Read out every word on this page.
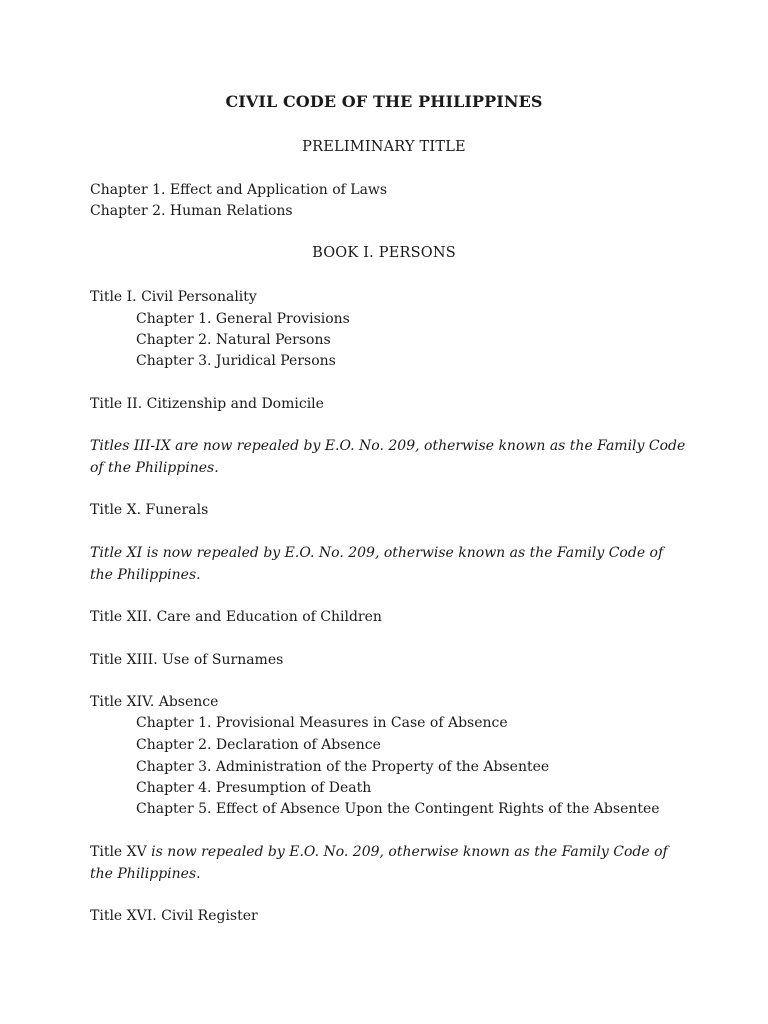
CIVIL CODE OF THE PHILIPPINES
PRELIMINARY TITLE

Chapter 1. Effect and Application of Laws

Chapter 2. Human Relations

BOOK I. PERSONS

Title I. Civil Personality

Chapter 1. General Provisions

Chapter 2. Natural Persons

Chapter 3. Juridical Persons

Title II. Citizenship and Domicile

Titles III-IX are now repealed by E.O. No. 209, otherwise known as the Family Code of the Philippines.

Title X. Funerals

Title XI is now repealed by E.O. No. 209, otherwise known as the Family Code of the Philippines.

Title XII. Care and Education of Children

Title XIII. Use of Surnames

Title XIV. Absence

Chapter 1. Provisional Measures in Case of Absence

Chapter 2. Declaration of Absence

Chapter 3. Administration of the Property of the Absentee

Chapter 4. Presumption of Death

Chapter 5. Effect of Absence Upon the Contingent Rights of the Absentee

Title XV is now repealed by E.O. No. 209, otherwise known as the Family Code of the Philippines.

Title XVI. Civil Register
